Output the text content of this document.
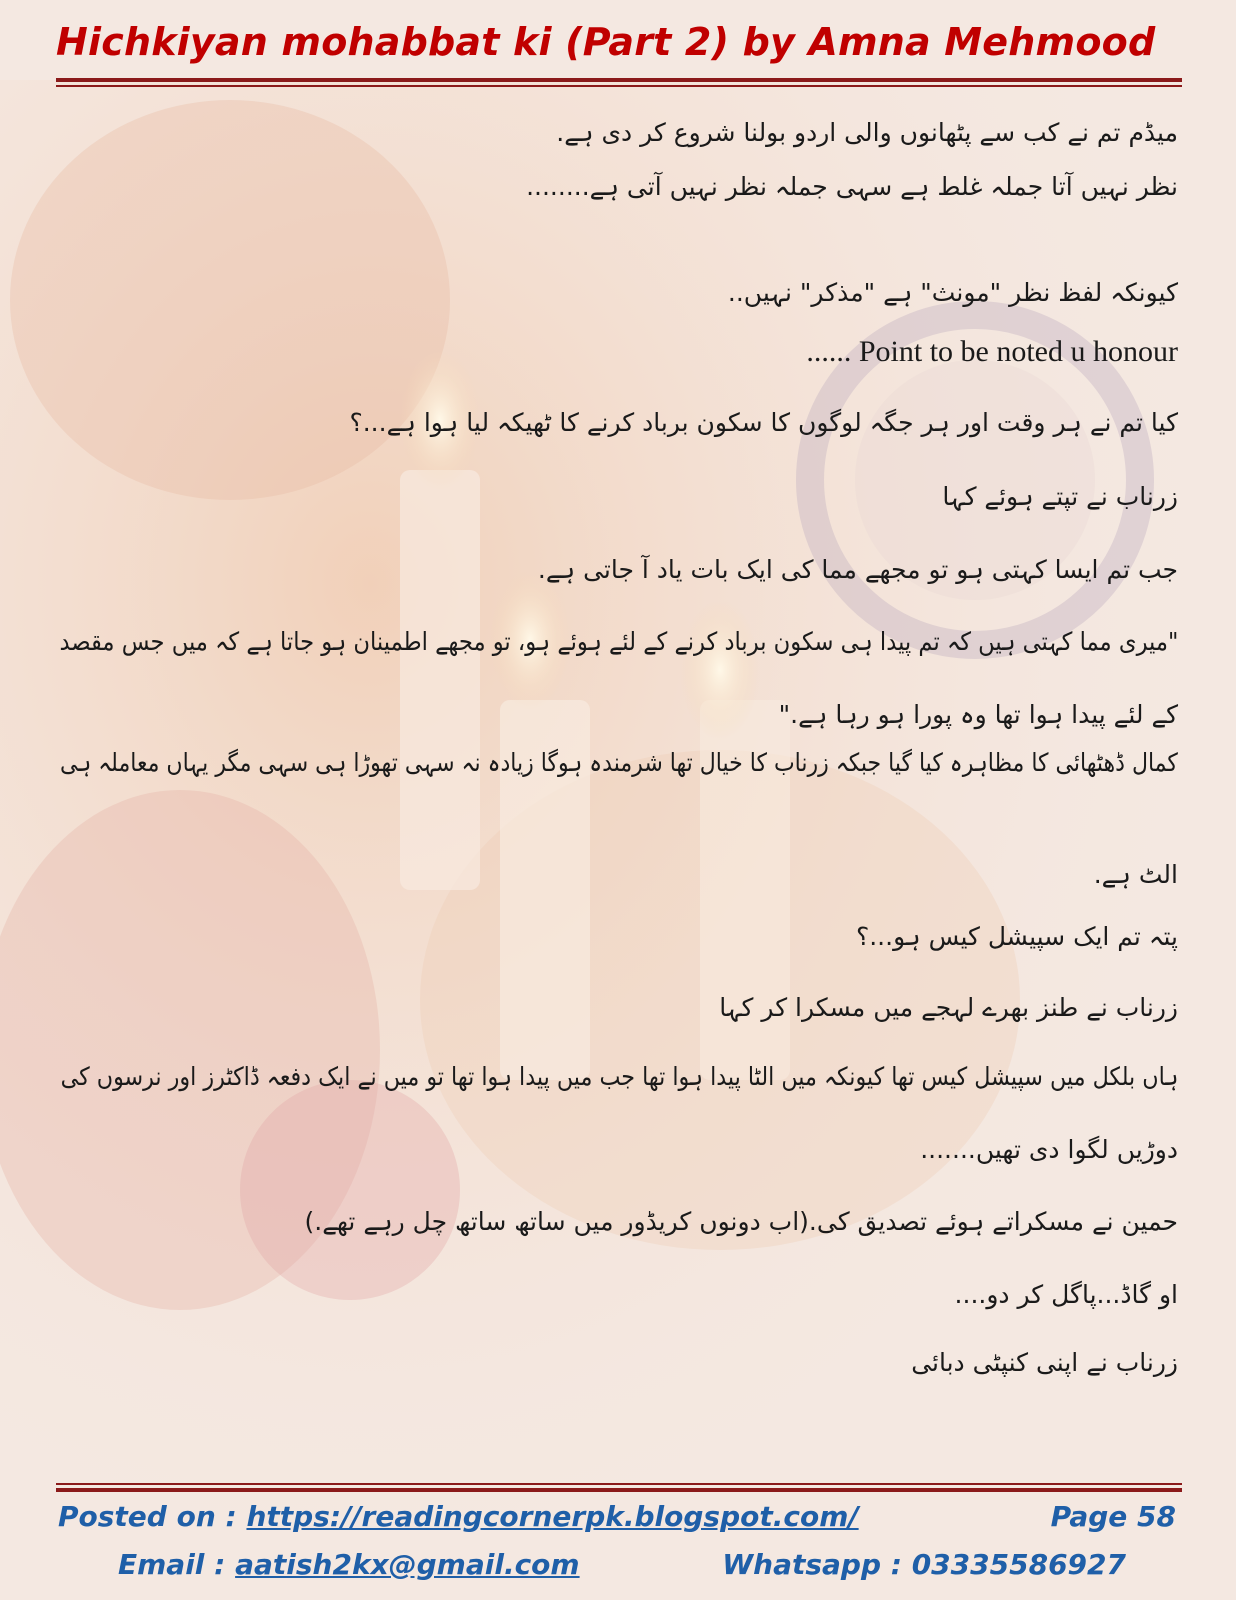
Hichkiyan mohabbat ki (Part 2) by Amna Mehmood
میڈم تم نے کب سے پٹھانوں والی اردو بولنا شروع کر دی ہے.
نظر نہیں آتا جملہ غلط ہے سہی جملہ نظر نہیں آتی ہے........
کیونکہ لفظ نظر "مونث" ہے "مذکر" نہیں..
...... Point to be noted u honour
کیا تم نے ہر وقت اور ہر جگہ لوگوں کا سکون برباد کرنے کا ٹھیکہ لیا ہوا ہے...؟
زرناب نے تپتے ہوئے کہا
جب تم ایسا کہتی ہو تو مجھے مما کی ایک بات یاد آ جاتی ہے.
"میری مما کہتی ہیں کہ تم پیدا ہی سکون برباد کرنے کے لئے ہوئے ہو، تو مجھے اطمینان ہو جاتا ہے کہ میں جس مقصد
کے لئے پیدا ہوا تھا وہ پورا ہو رہا ہے."
کمال ڈھٹھائی کا مظاہرہ کیا گیا جبکہ زرناب کا خیال تھا شرمندہ ہوگا زیادہ نہ سہی تھوڑا ہی سہی مگر یہاں معاملہ ہی
الٹ ہے.
پتہ تم ایک سپیشل کیس ہو...؟
زرناب نے طنز بھرے لہجے میں مسکرا کر کہا
ہاں بلکل میں سپیشل کیس تھا کیونکہ میں الٹا پیدا ہوا تھا جب میں پیدا ہوا تھا تو میں نے ایک دفعہ ڈاکٹرز اور نرسوں کی
دوڑیں لگوا دی تھیں.......
حمین نے مسکراتے ہوئے تصدیق کی.(اب دونوں کریڈور میں ساتھ ساتھ چل رہے تھے.)
او گاڈ...پاگل کر دو....
زرناب نے اپنی کنپٹی دبائی
Posted on : https://readingcornerpk.blogspot.com/	Page 58
Email : aatish2kx@gmail.com	Whatsapp : 03335586927
